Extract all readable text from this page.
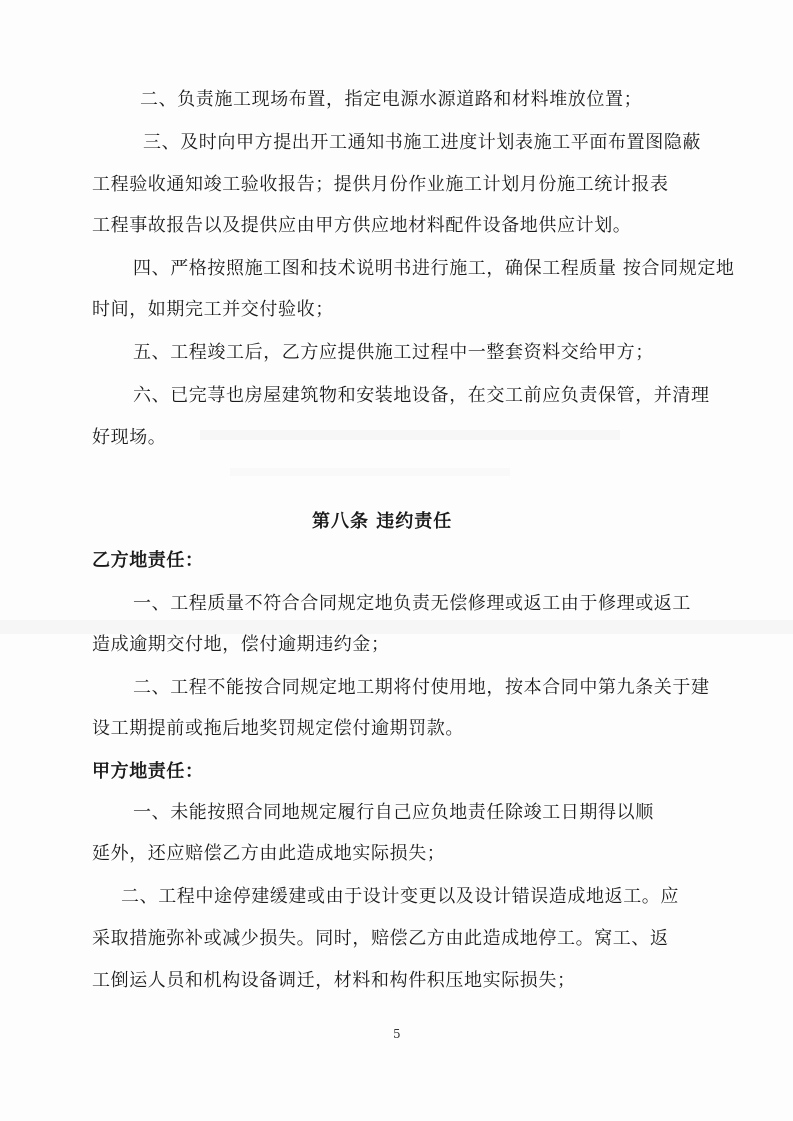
二、负责施工现场布置，指定电源水源道路和材料堆放位置；
三、及时向甲方提出开工通知书施工进度计划表施工平面布置图隐蔽
工程验收通知竣工验收报告；提供月份作业施工计划月份施工统计报表
工程事故报告以及提供应由甲方供应地材料配件设备地供应计划。
四、严格按照施工图和技术说明书进行施工，确保工程质量 按合同规定地
时间，如期完工并交付验收；
五、工程竣工后，乙方应提供施工过程中一整套资料交给甲方；
六、已完荨也房屋建筑物和安装地设备，在交工前应负责保管，并清理
好现场。
第八条 违约责任
乙方地责任：
一、工程质量不符合合同规定地负责无偿修理或返工由于修理或返工
造成逾期交付地，偿付逾期违约金；
二、工程不能按合同规定地工期将付使用地，按本合同中第九条关于建
设工期提前或拖后地奖罚规定偿付逾期罚款。
甲方地责任：
一、未能按照合同地规定履行自己应负地责任除竣工日期得以顺
延外，还应赔偿乙方由此造成地实际损失；
二、工程中途停建缓建或由于设计变更以及设计错误造成地返工。应
采取措施弥补或减少损失。同时，赔偿乙方由此造成地停工。窝工、返
工倒运人员和机构设备调迁，材料和构件积压地实际损失；
5
